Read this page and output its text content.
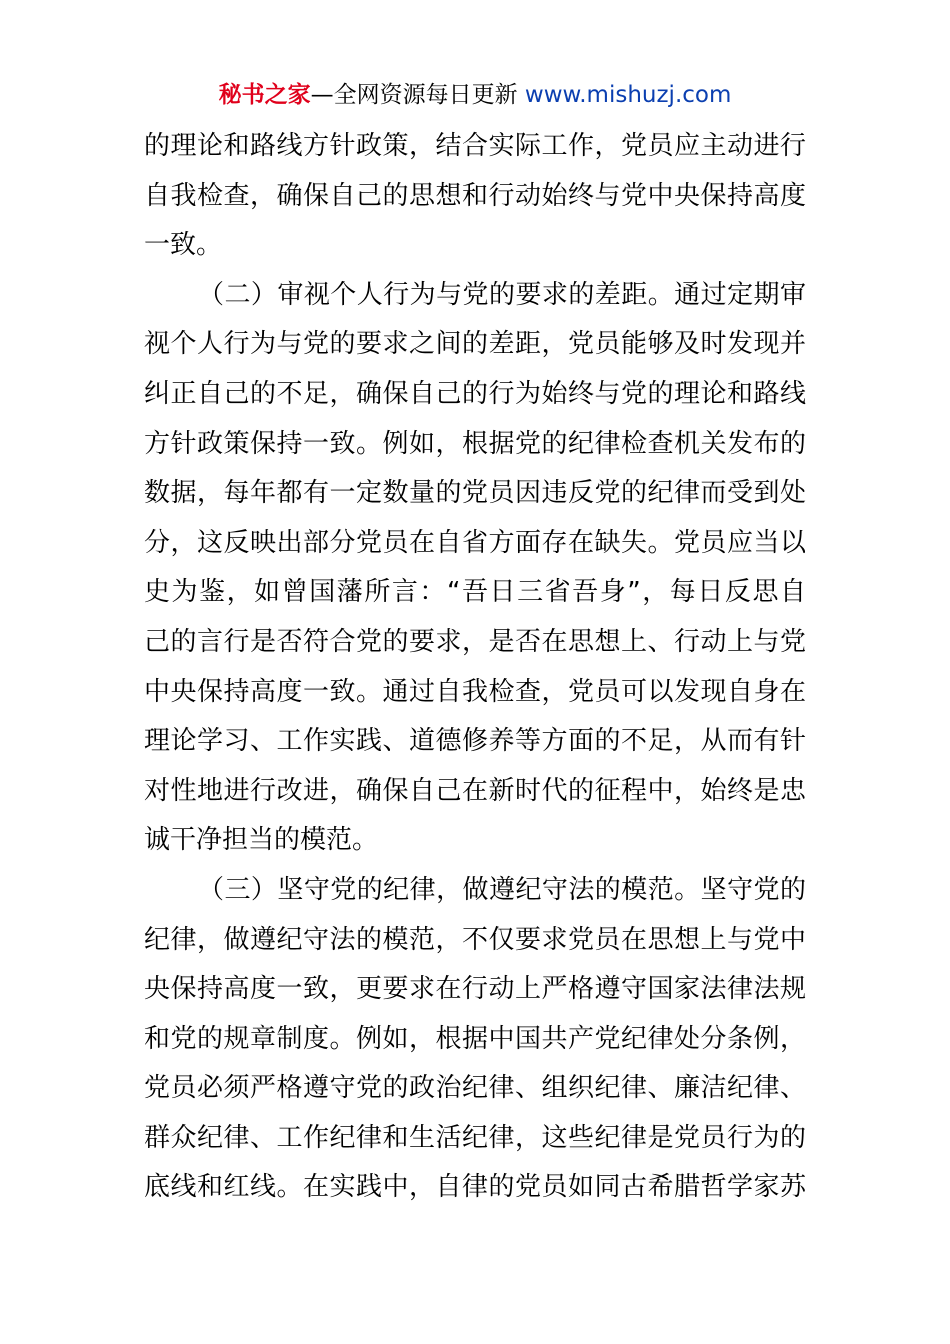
秘书之家—全网资源每日更新 www.mishuzj.com
的理论和路线方针政策，结合实际工作，党员应主动进行
自我检查，确保自己的思想和行动始终与党中央保持高度
一致。
（二）审视个人行为与党的要求的差距。通过定期审
视个人行为与党的要求之间的差距，党员能够及时发现并
纠正自己的不足，确保自己的行为始终与党的理论和路线
方针政策保持一致。例如，根据党的纪律检查机关发布的
数据，每年都有一定数量的党员因违反党的纪律而受到处
分，这反映出部分党员在自省方面存在缺失。党员应当以
史为鉴，如曾国藩所言：“吾日三省吾身”，每日反思自
己的言行是否符合党的要求，是否在思想上、行动上与党
中央保持高度一致。通过自我检查，党员可以发现自身在
理论学习、工作实践、道德修养等方面的不足，从而有针
对性地进行改进，确保自己在新时代的征程中，始终是忠
诚干净担当的模范。
（三）坚守党的纪律，做遵纪守法的模范。坚守党的
纪律，做遵纪守法的模范，不仅要求党员在思想上与党中
央保持高度一致，更要求在行动上严格遵守国家法律法规
和党的规章制度。例如，根据中国共产党纪律处分条例，
党员必须严格遵守党的政治纪律、组织纪律、廉洁纪律、
群众纪律、工作纪律和生活纪律，这些纪律是党员行为的
底线和红线。在实践中，自律的党员如同古希腊哲学家苏
